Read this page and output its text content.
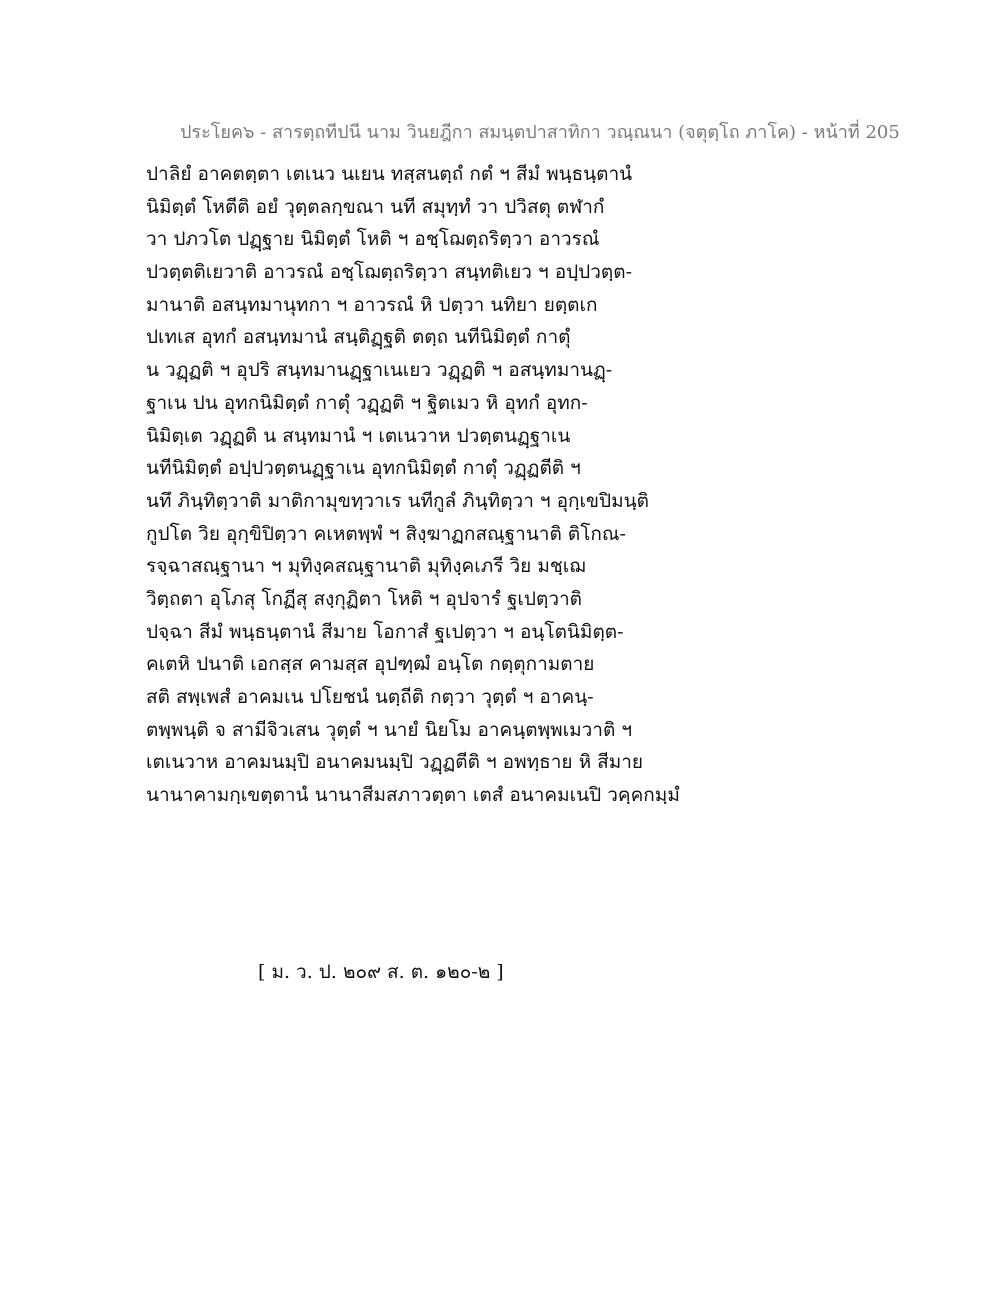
ประโยค๖ - สารตฺถทีปนี นาม วินยฎีกา สมนฺตปาสาทิกา วณฺณนา (จตุตฺโถ ภาโค) - หน้าที่ 205
ปาลิยํ อาคตตฺตา เตเนว นเยน ทสฺสนตฺถํ กตํ ฯ สีมํ พนฺธนฺตานํ
นิมิตฺตํ โหตีติ อยํ วุตฺตลกฺขณา นที สมุทฺทํ วา ปวิสตุ ตฬากํ
วา ปภวโต ปฏฺฐาย นิมิตฺตํ โหติ ฯ อชฺโฌตฺถริตฺวา อาวรณํ
ปวตฺตติเยวาติ อาวรณํ อชฺโฌตฺถริตฺวา สนฺทติเยว ฯ อปฺปวตฺต-
มานาติ อสนฺทมานุทกา ฯ อาวรณํ หิ ปตฺวา นทิยา ยตฺตเก
ปเทเส อุทกํ อสนฺทมานํ สนฺติฏฺฐติ ตตฺถ นทีนิมิตฺตํ กาตุํ
น วฏฺฏติ ฯ อุปริ สนฺทมานฏฺฐาเนเยว วฏฺฏติ ฯ อสนฺทมานฏฺ-
ฐาเน ปน อุทกนิมิตฺตํ กาตุํ วฏฺฏติ ฯ ฐิตเมว หิ อุทกํ อุทก-
นิมิตฺเต วฏฺฏติ น สนฺทมานํ ฯ เตเนวาห ปวตฺตนฏฺฐาเน
นทีนิมิตฺตํ อปฺปวตฺตนฏฺฐาเน อุทกนิมิตฺตํ กาตุํ วฏฺฏตีติ ฯ
นทึ ภินฺทิตฺวาติ มาติกามุขทฺวาเร นทีกูลํ ภินฺทิตฺวา ฯ อุกฺเขปิมนฺติ
กูปโต วิย อุกฺขิปิตฺวา คเหตพฺพํ ฯ สิงฺฆาฏกสณฺฐานาติ ติโกณ-
รจฺฉาสณฺฐานา ฯ มุทิงฺคสณฺฐานาติ มุทิงฺคเภรี วิย มชฺเฌ
วิตฺถตา อุโภสุ โกฏีสุ สงฺกุฏิตา โหติ ฯ อุปจารํ ฐเปตฺวาติ
ปจฺฉา สีมํ พนฺธนฺตานํ สีมาย โอกาสํ ฐเปตฺวา ฯ อนฺโตนิมิตฺต-
คเตหิ ปนาติ เอกสฺส คามสฺส อุปฑฺฒํ อนฺโต กตฺตุกามตาย
สติ สพฺเพสํ อาคมเน ปโยชนํ นตฺถีติ กตฺวา วุตฺตํ ฯ อาคนฺ-
ตพฺพนฺติ จ สามีจิวเสน วุตฺตํ ฯ นายํ นิยโม อาคนฺตพฺพเมวาติ ฯ
เตเนวาห อาคมนมฺปิ อนาคมนมฺปิ วฏฺฏตีติ ฯ อพทฺธาย หิ สีมาย
นานาคามกฺเขตฺตานํ นานาสีมสภาวตฺตา เตสํ อนาคมเนปิ วคฺคกมฺมํ
[ ม. ว. ป. ๒๐๙ ส. ต. ๑๒๐-๒ ]
